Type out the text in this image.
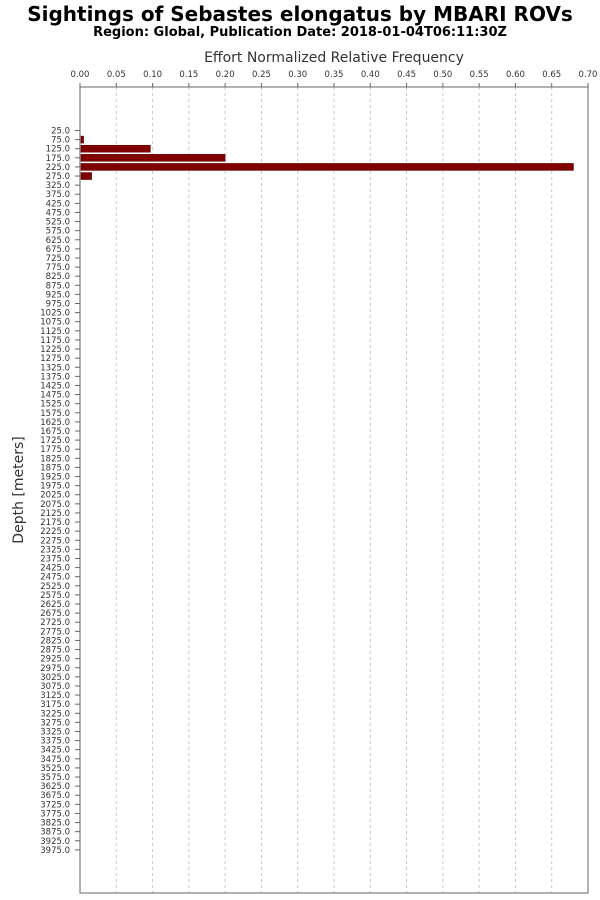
Sightings of Sebastes elongatus by MBARI ROVs
Region: Global, Publication Date: 2018-01-04T06:11:30Z
Effort Normalized Relative Frequency
Depth [meters]
0.00 0.05 0.10 0.15 0.20 0.25 0.30 0.35 0.40 0.45 0.50 0.55 0.60 0.65 0.70
25.0
75.0
125.0
175.0
225.0
275.0
325.0
375.0
425.0
475.0
525.0
575.0
625.0
675.0
725.0
775.0
825.0
875.0
925.0
975.0
1025.0
1075.0
1125.0
1175.0
1225.0
1275.0
1325.0
1375.0
1425.0
1475.0
1525.0
1575.0
1625.0
1675.0
1725.0
1775.0
1825.0
1875.0
1925.0
1975.0
2025.0
2075.0
2125.0
2175.0
2225.0
2275.0
2325.0
2375.0
2425.0
2475.0
2525.0
2575.0
2625.0
2675.0
2725.0
2775.0
2825.0
2875.0
2925.0
2975.0
3025.0
3075.0
3125.0
3175.0
3225.0
3275.0
3325.0
3375.0
3425.0
3475.0
3525.0
3575.0
3625.0
3675.0
3725.0
3775.0
3825.0
3875.0
3925.0
3975.0
